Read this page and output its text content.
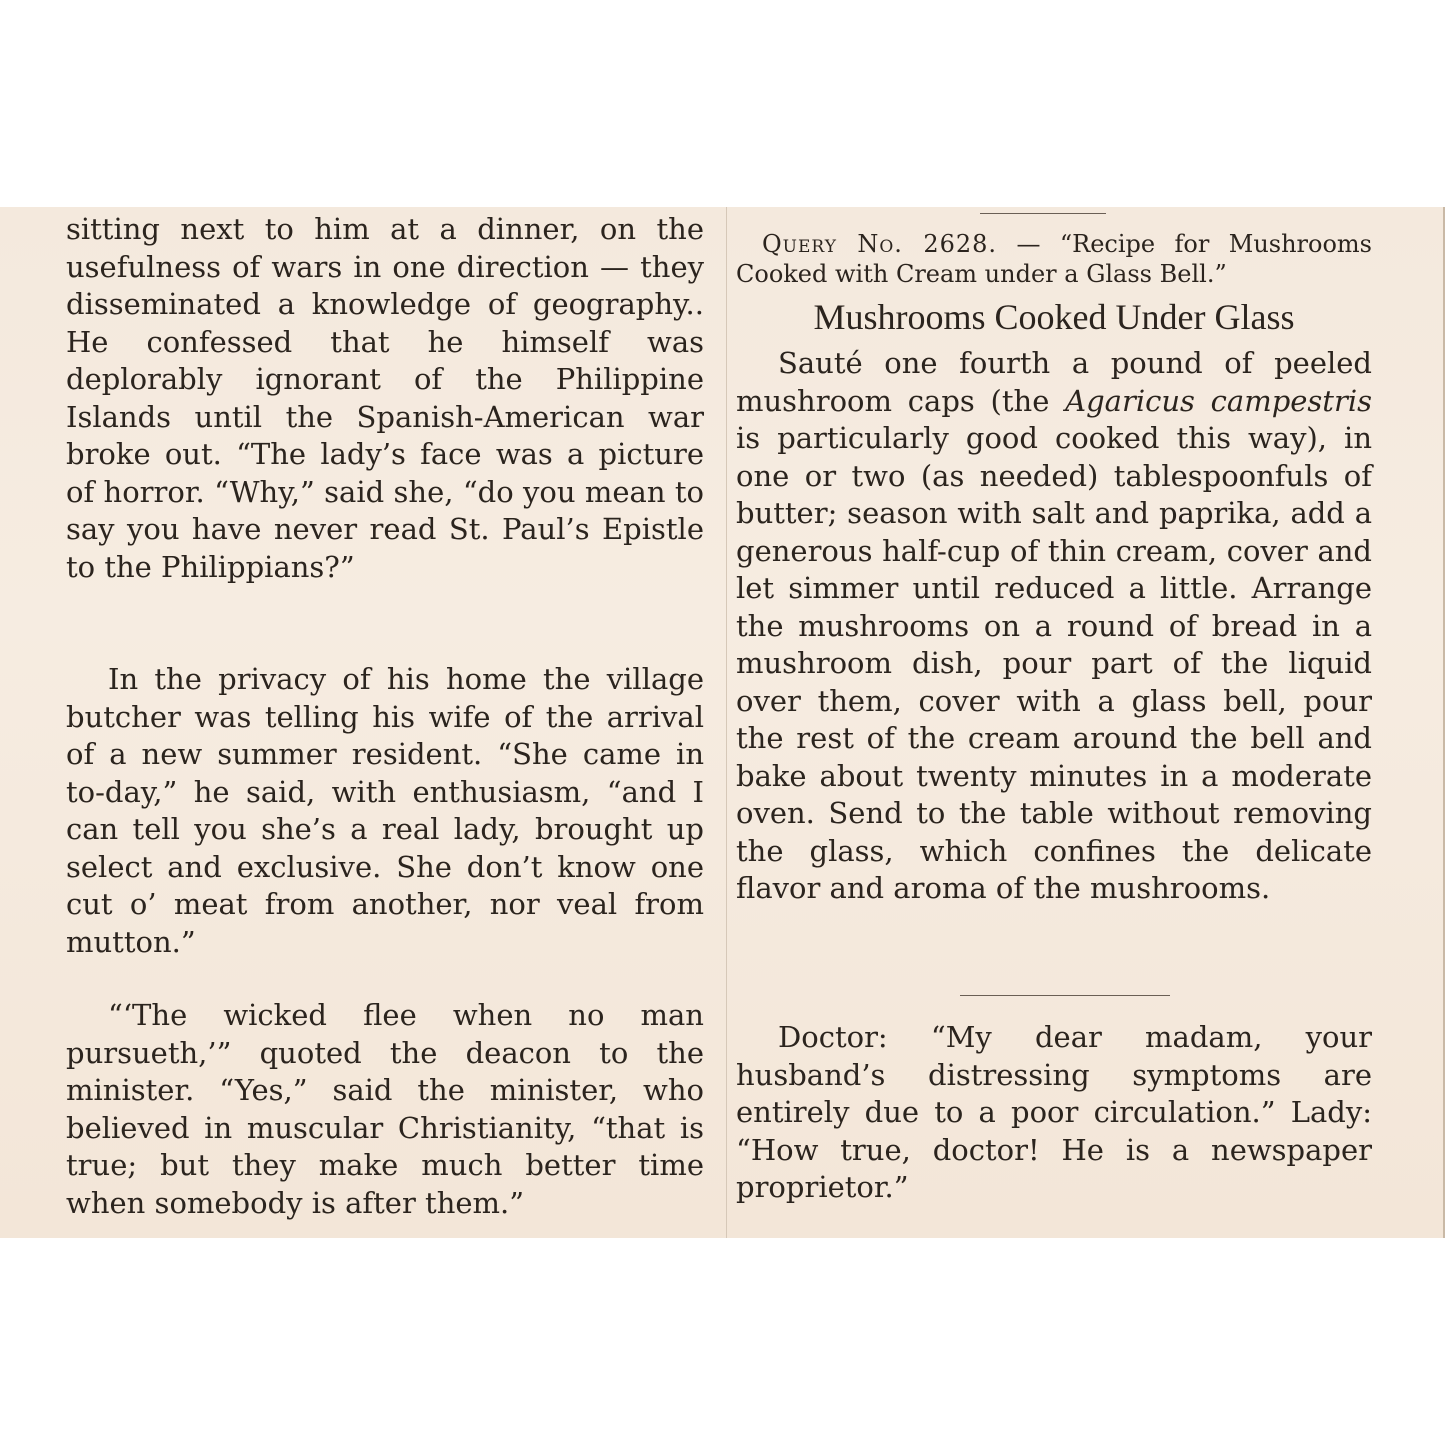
sitting next to him at a dinner, on the usefulness of wars in one direction — they disseminated a knowledge of geography.. He confessed that he himself was deplorably ignorant of the Philippine Islands until the Spanish-American war broke out. “The lady’s face was a picture of horror. “Why,” said she, “do you mean to say you have never read St. Paul’s Epistle to the Philippians?”

In the privacy of his home the village butcher was telling his wife of the arrival of a new summer resident. “She came in to-day,” he said, with enthusiasm, “and I can tell you she’s a real lady, brought up select and exclusive. She don’t know one cut o’ meat from another, nor veal from mutton.”

“‘The wicked flee when no man pursueth,’” quoted the deacon to the minister. “Yes,” said the minister, who believed in muscular Christianity, “that is true; but they make much better time when somebody is after them.”

Query No. 2628. — “Recipe for Mushrooms Cooked with Cream under a Glass Bell.”

Mushrooms Cooked Under Glass

Sauté one fourth a pound of peeled mushroom caps (the Agaricus campestris is particularly good cooked this way), in one or two (as needed) tablespoonfuls of butter; season with salt and paprika, add a generous half-cup of thin cream, cover and let simmer until reduced a little. Arrange the mushrooms on a round of bread in a mushroom dish, pour part of the liquid over them, cover with a glass bell, pour the rest of the cream around the bell and bake about twenty minutes in a moderate oven. Send to the table without removing the glass, which confines the delicate flavor and aroma of the mushrooms.

Doctor: “My dear madam, your husband’s distressing symptoms are entirely due to a poor circulation.” Lady: “How true, doctor! He is a newspaper proprietor.”
